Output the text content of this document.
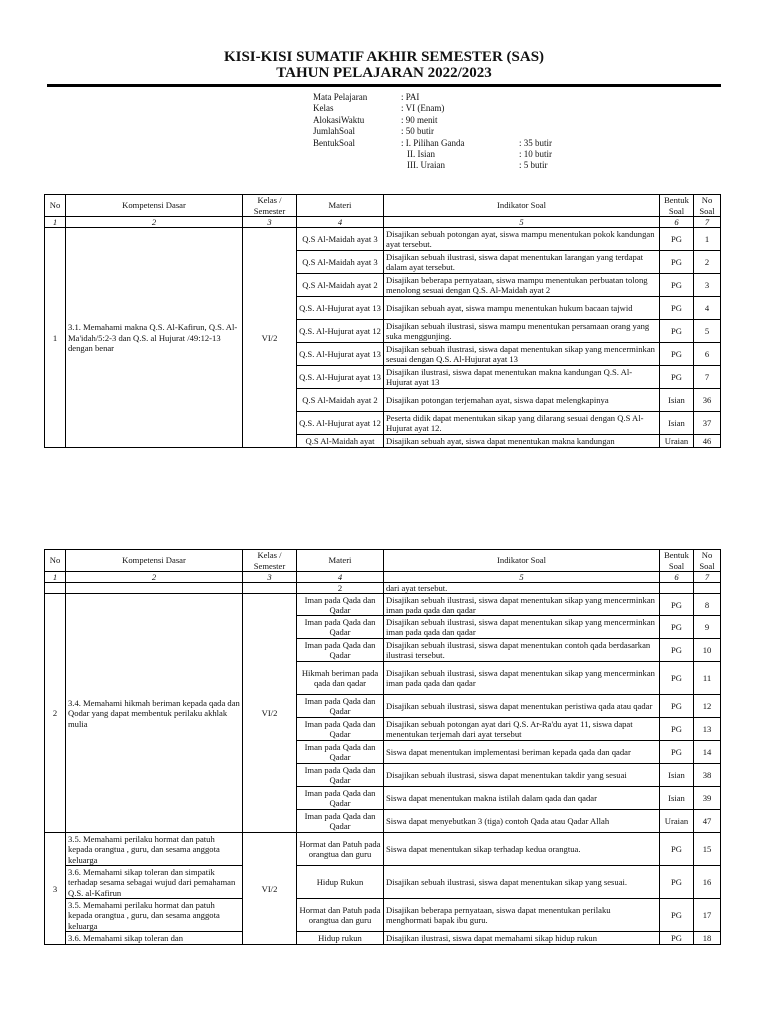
KISI-KISI SUMATIF AKHIR SEMESTER (SAS)
TAHUN PELAJARAN 2022/2023
Mata Pelajaran	: PAI
Kelas	: VI (Enam)
AlokasiWaktu	: 90 menit
JumlahSoal	: 50 butir
BentukSoal	: I. Pilihan Ganda	: 35 butir
II. Isian	: 10 butir
III. Uraian	: 5 butir
No	Kompetensi Dasar	Kelas / Semester	Materi	Indikator Soal	Bentuk Soal	No Soal
1	2	3	4	5	6	7
1	3.1. Memahami makna Q.S. Al-Kafirun, Q.S. Al-Ma'idah/5:2-3 dan Q.S. al Hujurat /49:12-13 dengan benar	VI/2	Q.S Al-Maidah ayat 3	Disajikan sebuah potongan ayat, siswa mampu menentukan pokok kandungan ayat tersebut.	PG	1
			Q.S Al-Maidah ayat 3	Disajikan sebuah ilustrasi, siswa dapat menentukan larangan yang terdapat dalam ayat tersebut.	PG	2
			Q.S Al-Maidah ayat 2	Disajikan beberapa pernyataan, siswa mampu menentukan perbuatan tolong menolong sesuai dengan Q.S. Al-Maidah ayat 2	PG	3
			Q.S. Al-Hujurat ayat 13	Disajikan sebuah ayat, siswa mampu menentukan hukum bacaan tajwid	PG	4
			Q.S. Al-Hujurat ayat 12	Disajikan sebuah ilustrasi, siswa mampu menentukan persamaan orang yang suka menggunjing.	PG	5
			Q.S. Al-Hujurat ayat 13	Disajikan sebuah ilustrasi, siswa dapat menentukan sikap yang mencerminkan sesuai dengan Q.S. Al-Hujurat ayat 13	PG	6
			Q.S. Al-Hujurat ayat 13	Disajikan ilustrasi, siswa dapat menentukan makna kandungan Q.S. Al-Hujurat ayat 13	PG	7
			Q.S Al-Maidah ayat 2	Disajikan potongan terjemahan ayat, siswa dapat melengkapinya	Isian	36
			Q.S. Al-Hujurat ayat 12	Peserta didik dapat menentukan sikap yang dilarang sesuai dengan Q.S Al-Hujurat ayat 12.	Isian	37
			Q.S Al-Maidah ayat	Disajikan sebuah ayat, siswa dapat menentukan makna kandungan	Uraian	46
No	Kompetensi Dasar	Kelas / Semester	Materi	Indikator Soal	Bentuk Soal	No Soal
1	2	3	4	5	6	7
			2	dari ayat tersebut.		
2	3.4. Memahami hikmah beriman kepada qada dan Qodar yang dapat membentuk perilaku akhlak mulia	VI/2	Iman pada Qada dan Qadar	Disajikan sebuah ilustrasi, siswa dapat menentukan sikap yang mencerminkan iman pada qada dan qadar	PG	8
			Iman pada Qada dan Qadar	Disajikan sebuah ilustrasi, siswa dapat menentukan sikap yang mencerminkan iman pada qada dan qadar	PG	9
			Iman pada Qada dan Qadar	Disajikan sebuah ilustrasi, siswa dapat menentukan contoh qada berdasarkan ilustrasi tersebut.	PG	10
			Hikmah beriman pada qada dan qadar	Disajikan sebuah ilustrasi, siswa dapat menentukan sikap yang mencerminkan iman pada qada dan qadar	PG	11
			Iman pada Qada dan Qadar	Disajikan sebuah ilustrasi, siswa dapat menentukan peristiwa qada atau qadar	PG	12
			Iman pada Qada dan Qadar	Disajikan sebuah potongan ayat dari Q.S. Ar-Ra'du ayat 11, siswa dapat menentukan terjemah dari ayat tersebut	PG	13
			Iman pada Qada dan Qadar	Siswa dapat menentukan implementasi beriman kepada qada dan qadar	PG	14
			Iman pada Qada dan Qadar	Disajikan sebuah ilustrasi, siswa dapat menentukan takdir yang sesuai	Isian	38
			Iman pada Qada dan Qadar	Siswa dapat menentukan makna istilah dalam qada dan qadar	Isian	39
			Iman pada Qada dan Qadar	Siswa dapat menyebutkan 3 (tiga) contoh Qada atau Qadar Allah	Uraian	47
3	3.5. Memahami perilaku hormat dan patuh kepada orangtua , guru, dan sesama anggota keluarga	VI/2	Hormat dan Patuh pada orangtua dan guru	Siswa dapat menentukan sikap terhadap kedua orangtua.	PG	15
	3.6. Memahami sikap toleran dan simpatik terhadap sesama sebagai wujud dari pemahaman Q.S. al-Kafirun		Hidup Rukun	Disajikan sebuah ilustrasi, siswa dapat menentukan sikap yang sesuai.	PG	16
	3.5. Memahami perilaku hormat dan patuh kepada orangtua , guru, dan sesama anggota keluarga		Hormat dan Patuh pada orangtua dan guru	Disajikan beberapa pernyataan, siswa dapat menentukan perilaku menghormati bapak ibu guru.	PG	17
	3.6. Memahami sikap toleran dan		Hidup rukun	Disajikan ilustrasi, siswa dapat memahami sikap hidup rukun	PG	18
